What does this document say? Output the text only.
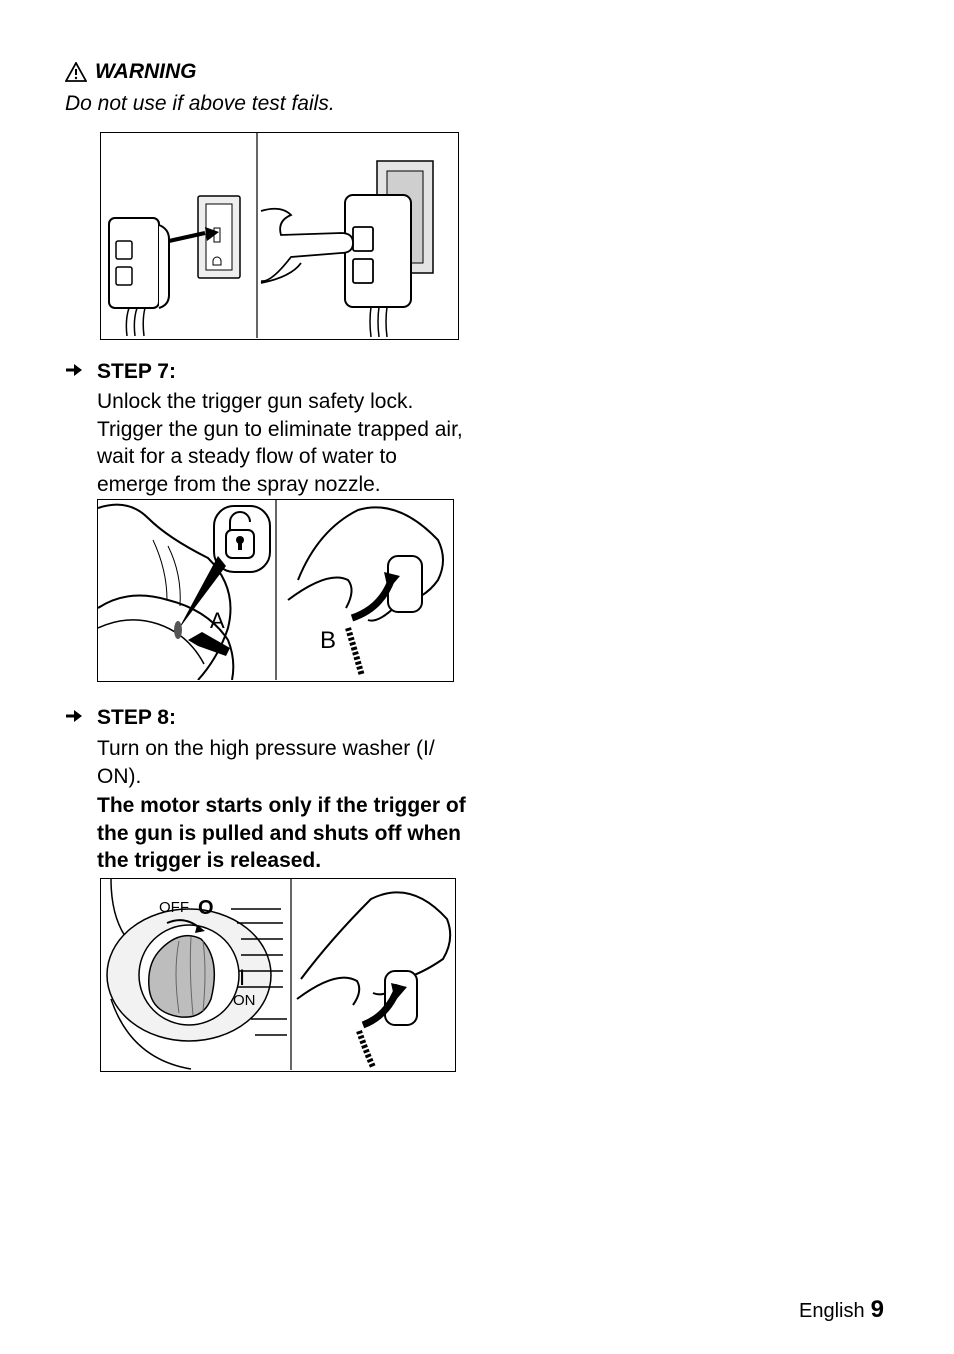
WARNING
Do not use if above test fails.
STEP 7:
Unlock the trigger gun safety lock. Trigger the gun to eliminate trapped air, wait for a steady flow of water to emerge from the spray nozzle.
A
B
STEP 8:
Turn on the high pressure washer (I/ ON).
The motor starts only if the trigger of the gun is pulled and shuts off when the trigger is released.
OFF O
I
ON
English 9
